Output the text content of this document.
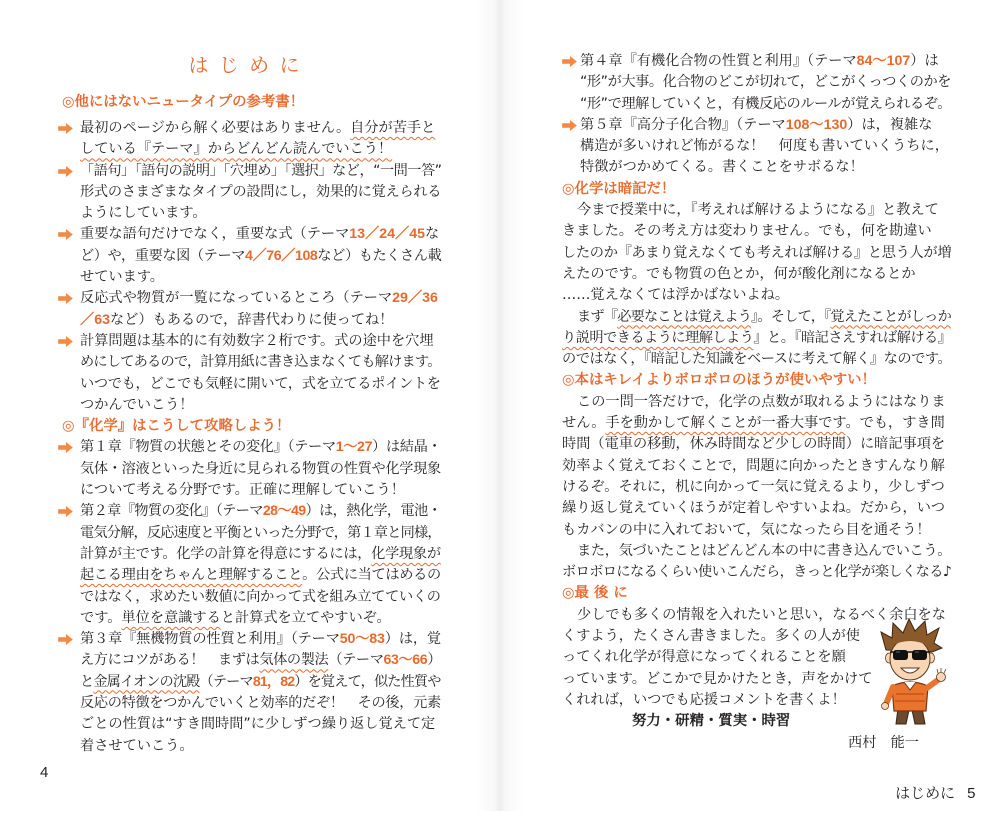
は じ め に
◎他にはないニュータイプの参考書！
最初のページから解く必要はありません。自分が苦手と
している『テーマ』からどんどん読んでいこう！
「語句」「語句の説明」「穴埋め」「選択」など，“一問一答”
形式のさまざまなタイプの設問にし，効果的に覚えられる
ようにしています。
重要な語句だけでなく，重要な式（テーマ13／24／45な
ど）や，重要な図（テーマ4／76／108など）もたくさん載
せています。
反応式や物質が一覧になっているところ（テーマ29／36
／63など）もあるので，辞書代わりに使ってね！
計算問題は基本的に有効数字２桁です。式の途中を穴埋
めにしてあるので，計算用紙に書き込まなくても解けます。
いつでも，どこでも気軽に開いて，式を立てるポイントを
つかんでいこう！
◎『化学』はこうして攻略しよう！
第１章『物質の状態とその変化』（テーマ1～27）は結晶・
気体・溶液といった身近に見られる物質の性質や化学現象
について考える分野です。正確に理解していこう！
第２章『物質の変化』（テーマ28～49）は，熱化学，電池・
電気分解，反応速度と平衡といった分野で，第１章と同様，
計算が主です。化学の計算を得意にするには，化学現象が
起こる理由をちゃんと理解すること。公式に当てはめるの
ではなく，求めたい数値に向かって式を組み立てていくの
です。単位を意識すると計算式を立てやすいぞ。
第３章『無機物質の性質と利用』（テーマ50～83）は，覚
え方にコツがある！　まずは気体の製法（テーマ63～66）
と金属イオンの沈殿（テーマ81，82）を覚えて，似た性質や
反応の特徴をつかんでいくと効率的だぞ！　その後，元素
ごとの性質は“すき間時間”に少しずつ繰り返し覚えて定
着させていこう。
4
第４章『有機化合物の性質と利用』（テーマ84～107）は
“形”が大事。化合物のどこが切れて，どこがくっつくのかを
“形”で理解していくと，有機反応のルールが覚えられるぞ。
第５章『高分子化合物』（テーマ108～130）は，複雑な
構造が多いけれど怖がるな！　何度も書いていくうちに，
特徴がつかめてくる。書くことをサボるな！
◎化学は暗記だ！
今まで授業中に，『考えれば解けるようになる』と教えて
きました。その考え方は変わりません。でも，何を勘違い
したのか『あまり覚えなくても考えれば解ける』と思う人が増
えたのです。でも物質の色とか，何が酸化剤になるとか
……覚えなくては浮かばないよね。
まず『必要なことは覚えよう』。そして，『覚えたことがしっか
り説明できるように理解しよう』と。『暗記さえすれば解ける』
のではなく，『暗記した知識をベースに考えて解く』なのです。
◎本はキレイよりボロボロのほうが使いやすい！
この一問一答だけで，化学の点数が取れるようにはなりま
せん。手を動かして解くことが一番大事です。でも，すき間
時間（電車の移動，休み時間など少しの時間）に暗記事項を
効率よく覚えておくことで，問題に向かったときすんなり解
けるぞ。それに，机に向かって一気に覚えるより，少しずつ
繰り返し覚えていくほうが定着しやすいよね。だから，いつ
もカバンの中に入れておいて，気になったら目を通そう！
また，気づいたことはどんどん本の中に書き込んでいこう。
ボロボロになるくらい使いこんだら，きっと化学が楽しくなる♪
◎最 後 に
少しでも多くの情報を入れたいと思い，なるべく余白をな
くすよう，たくさん書きました。多くの人が使
ってくれ化学が得意になってくれることを願
っています。どこかで見かけたとき，声をかけて
くれれば，いつでも応援コメントを書くよ！
努力・研精・質実・時習
西村　能一

はじめに 5
